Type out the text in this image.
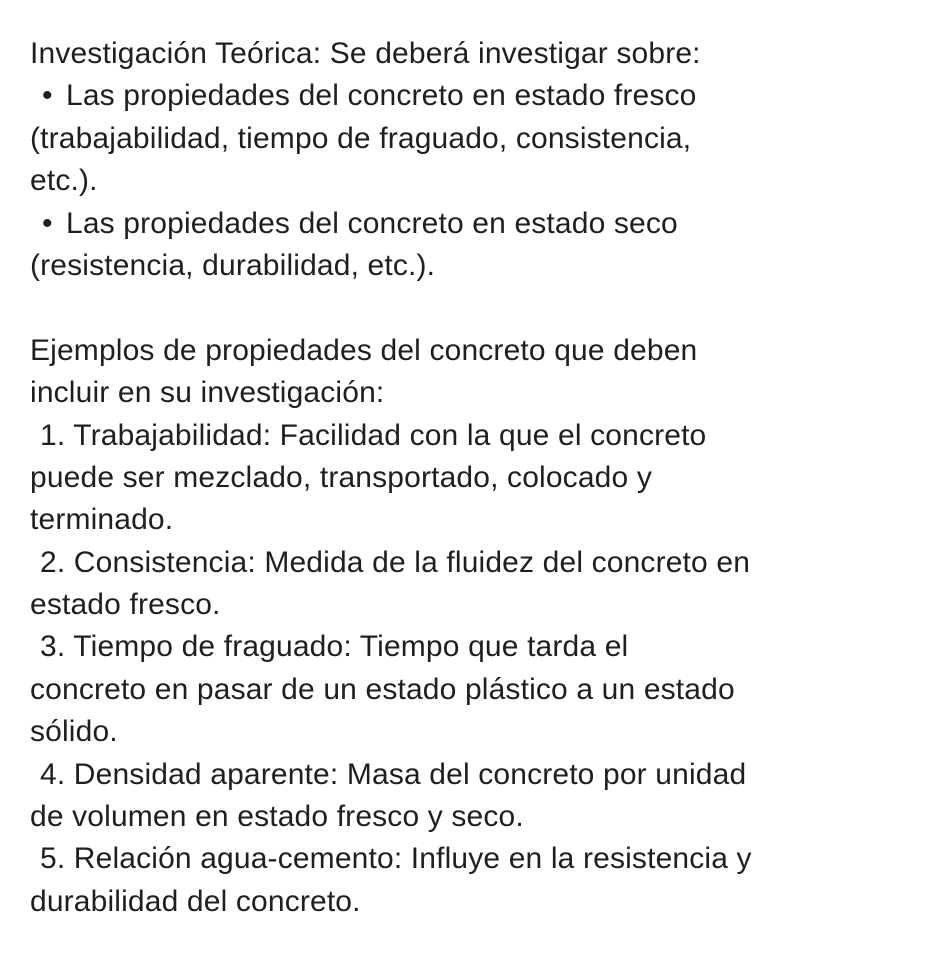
Investigación Teórica: Se deberá investigar sobre:
• Las propiedades del concreto en estado fresco
(trabajabilidad, tiempo de fraguado, consistencia,
etc.).
• Las propiedades del concreto en estado seco
(resistencia, durabilidad, etc.).
Ejemplos de propiedades del concreto que deben
incluir en su investigación:
1. Trabajabilidad: Facilidad con la que el concreto
puede ser mezclado, transportado, colocado y
terminado.
2. Consistencia: Medida de la fluidez del concreto en
estado fresco.
3. Tiempo de fraguado: Tiempo que tarda el
concreto en pasar de un estado plástico a un estado
sólido.
4. Densidad aparente: Masa del concreto por unidad
de volumen en estado fresco y seco.
5. Relación agua-cemento: Influye en la resistencia y
durabilidad del concreto.
